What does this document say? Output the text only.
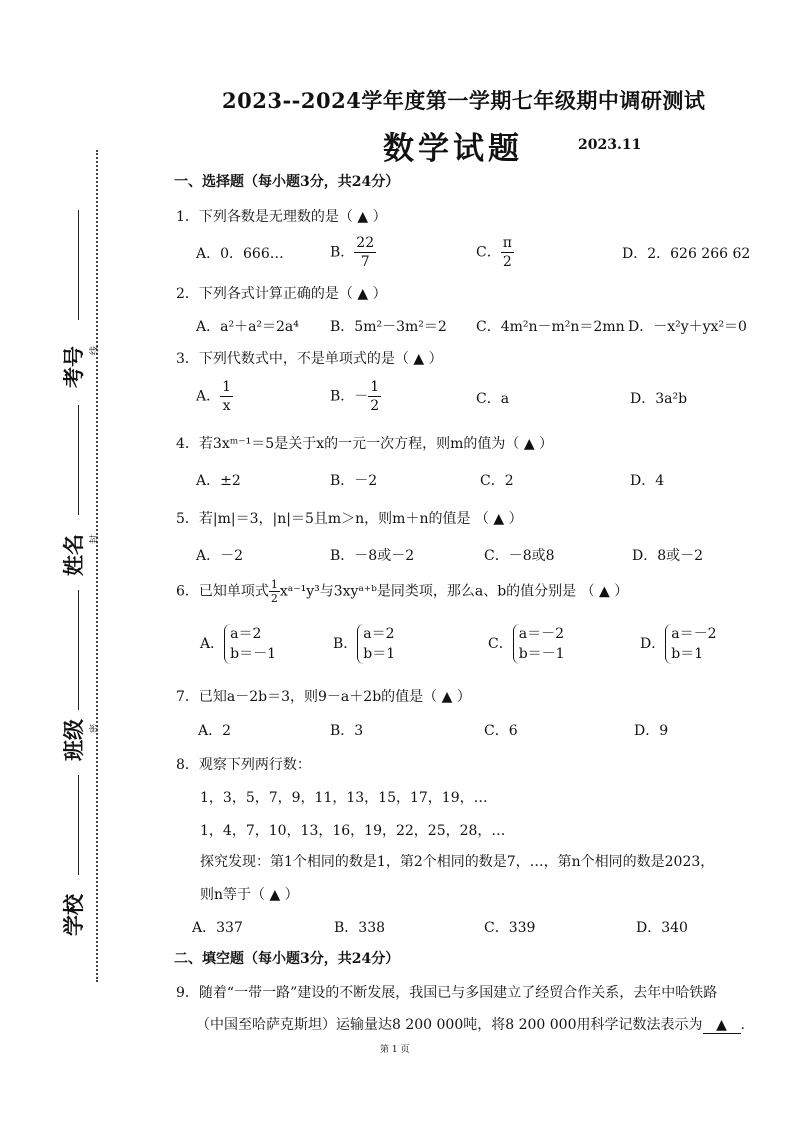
考号
姓名
班级
学校
线
封
密
2023--2024学年度第一学期七年级期中调研测试
数学试题	2023.11
一、选择题（每小题3分，共24分）
1．下列各数是无理数的是（ ▲ ）
A．0．666…	B． $\frac{22}{7}$	C． $\frac{\pi}{2}$	D．2．626 266 62
2．下列各式计算正确的是（ ▲ ）
A．a²＋a²＝2a⁴ B．5m²－3m²＝2 C．4m²n－m²n＝2mn D．－x²y＋yx²＝0
3．下列代数式中，不是单项式的是（ ▲ ）
A． $\frac{1}{x}$	B．－ $\frac{1}{2}$	C．a	D．3a²b
4．若3xᵐ⁻¹＝5是关于x的一元一次方程，则m的值为（ ▲ ）
A．±2	B．－2	C．2	D．4
5．若|m|＝3，|n|＝5且m＞n，则m＋n的值是 （ ▲ ）
A．－2	B．－8或－2	C．－8或8	D．8或－2
6．已知单项式 $\frac{1}{2}$ xᵃ⁻¹y³与3xyᵃ⁺ᵇ是同类项，那么a、b的值分别是 （ ▲ ）
A．a＝2
b＝－1
B．a＝2
b＝1
C．a＝－2
b＝－1
D．a＝－2
b＝1
7．已知a－2b＝3，则9－a＋2b的值是（ ▲ ）
A．2	B．3	C．6	D．9
8．观察下列两行数：
1，3，5，7，9，11，13，15，17，19，…
1，4，7，10，13，16，19，22，25，28，…
探究发现：第1个相同的数是1，第2个相同的数是7，…，第n个相同的数是2023，
则n等于（ ▲ ）
A．337	B．338	C．339	D．340
二、填空题（每小题3分，共24分）
9．随着“一带一路”建设的不断发展，我国已与多国建立了经贸合作关系，去年中哈铁路
（中国至哈萨克斯坦）运输量达8 200 000吨，将8 200 000用科学记数法表示为 ▲ .
第 1 页
